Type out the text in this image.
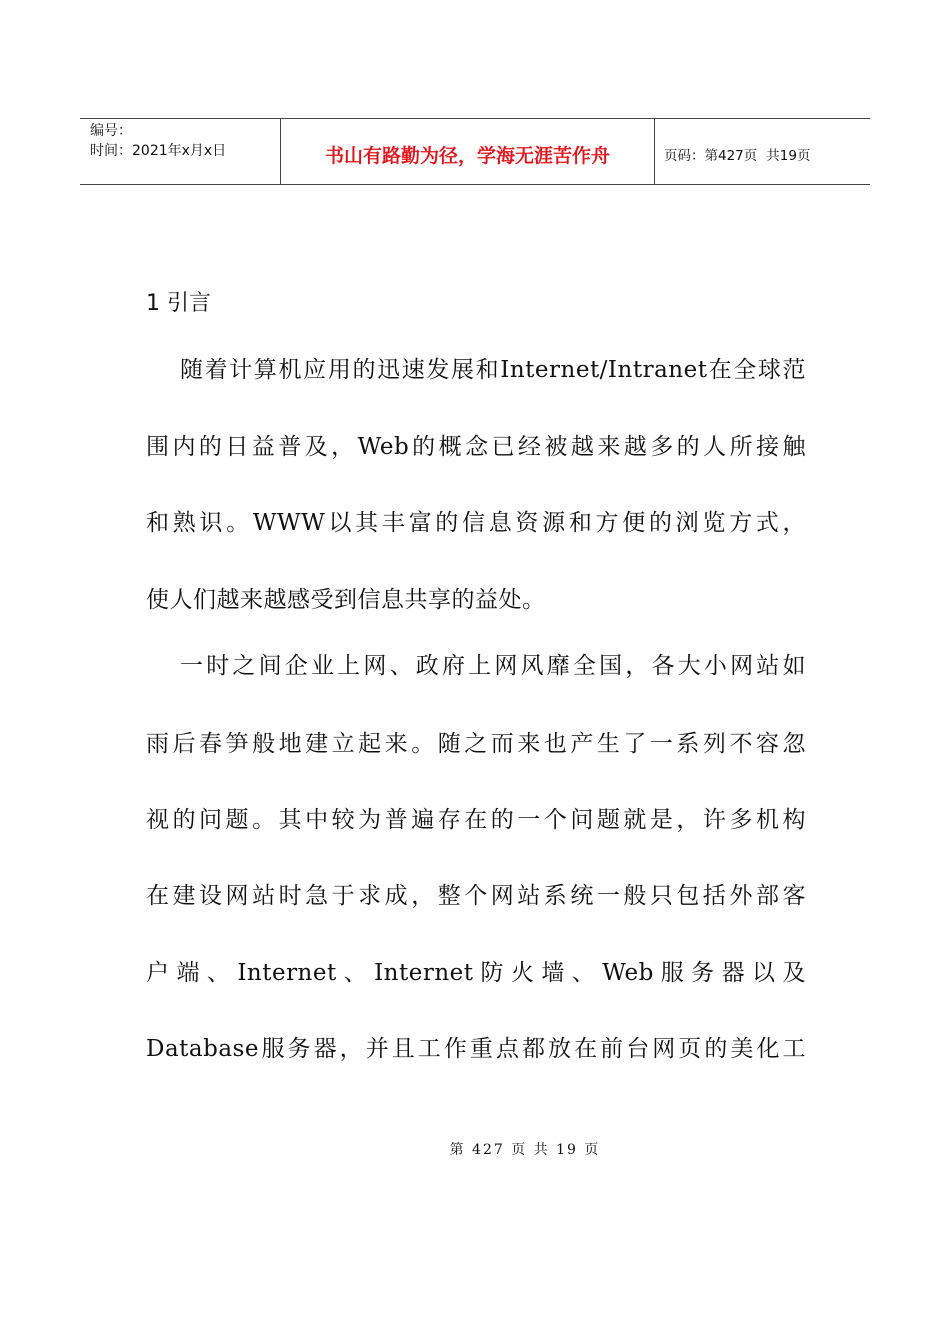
编号：
时间：2021年x月x日	书山有路勤为径，学海无涯苦作舟	页码：第427页 共19页
1 引言
随着计算机应用的迅速发展和Internet/Intranet在全球范
围内的日益普及，Web的概念已经被越来越多的人所接触
和熟识。WWW以其丰富的信息资源和方便的浏览方式，
使人们越来越感受到信息共享的益处。
一时之间企业上网、政府上网风靡全国，各大小网站如
雨后春笋般地建立起来。随之而来也产生了一系列不容忽
视的问题。其中较为普遍存在的一个问题就是，许多机构
在建设网站时急于求成，整个网站系统一般只包括外部客
户端、Internet、Internet防火墙、Web服务器以及
Database服务器，并且工作重点都放在前台网页的美化工
第 427 页 共 19 页
